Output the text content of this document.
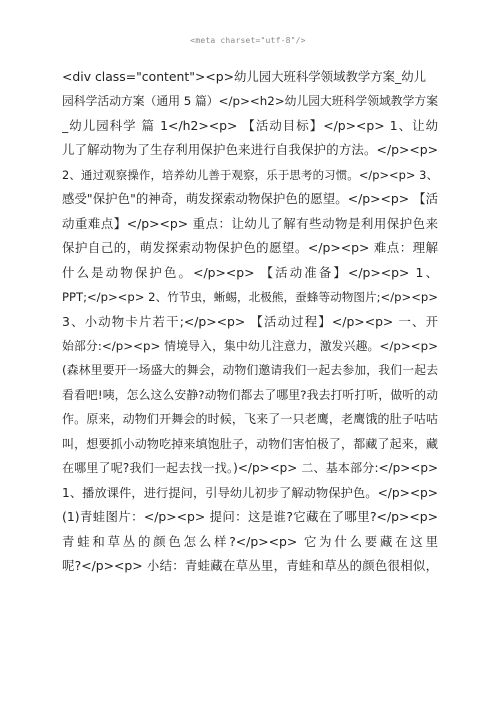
<meta charset="utf-8"/>
<div class="content"><p>幼儿园大班科学领域教学方案_幼儿
园科学活动方案（通用 5 篇）</p><h2>幼儿园大班科学领域教学方案
_幼儿园科学 篇 1</h2><p> 【活动目标】</p><p> 1、让幼
儿了解动物为了生存利用保护色来进行自我保护的方法。</p><p>
2、通过观察操作，培养幼儿善于观察，乐于思考的习惯。</p><p> 3、
感受"保护色"的神奇，萌发探索动物保护色的愿望。</p><p> 【活
动重难点】</p><p> 重点：让幼儿了解有些动物是利用保护色来
保护自己的，萌发探索动物保护色的愿望。</p><p> 难点：理解
什么是动物保护色。</p><p> 【活动准备】</p><p> 1、
PPT;</p><p> 2、竹节虫，蜥蜴，北极熊，蚕蜂等动物图片;</p><p>
3、小动物卡片若干;</p><p> 【活动过程】</p><p> 一、开
始部分:</p><p> 情境导入，集中幼儿注意力，激发兴趣。</p><p>
(森林里要开一场盛大的舞会，动物们邀请我们一起去参加，我们一起去
看看吧!咦，怎么这么安静?动物们都去了哪里?我去打听打听，做听的动
作。原来，动物们开舞会的时候，飞来了一只老鹰，老鹰饿的肚子咕咕
叫，想要抓小动物吃掉来填饱肚子，动物们害怕极了，都藏了起来，藏
在哪里了呢?我们一起去找一找。)</p><p> 二、基本部分:</p><p>
1、播放课件，进行提问，引导幼儿初步了解动物保护色。</p><p>
(1)青蛙图片：</p><p> 提问：这是谁?它藏在了哪里?</p><p>
青蛙和草丛的颜色怎么样?</p><p> 它为什么要藏在这里
呢?</p><p> 小结：青蛙藏在草丛里，青蛙和草丛的颜色很相似，
